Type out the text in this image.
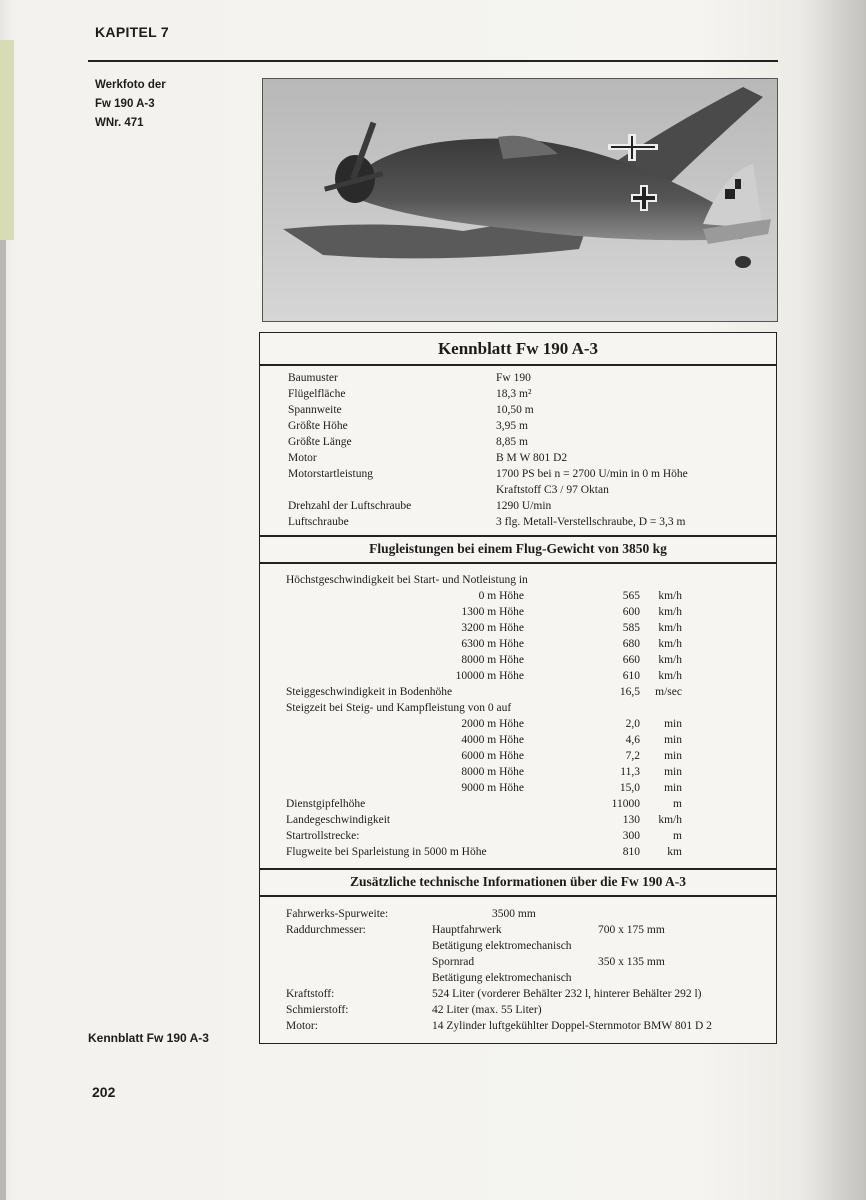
KAPITEL 7
Werkfoto der
Fw 190 A-3
WNr. 471
Kennblatt Fw 190 A-3
Baumuster	Fw 190
Flügelfläche	18,3 m²
Spannweite	10,50 m
Größte Höhe	3,95 m
Größte Länge	8,85 m
Motor	B M W 801 D2
Motorstartleistung	1700 PS bei n = 2700 U/min in 0 m Höhe
Kraftstoff C3 / 97 Oktan
Drehzahl der Luftschraube	1290 U/min
Luftschraube	3 flg. Metall-Verstellschraube, D = 3,3 m
Flugleistungen bei einem Flug-Gewicht von 3850 kg
Höchstgeschwindigkeit bei Start- und Notleistung in
0 m Höhe	565 km/h
1300 m Höhe	600 km/h
3200 m Höhe	585 km/h
6300 m Höhe	680 km/h
8000 m Höhe	660 km/h
10000 m Höhe	610 km/h
Steiggeschwindigkeit in Bodenhöhe	16,5 m/sec
Steigzeit bei Steig- und Kampfleistung von 0 auf
2000 m Höhe	2,0 min
4000 m Höhe	4,6 min
6000 m Höhe	7,2 min
8000 m Höhe	11,3 min
9000 m Höhe	15,0 min
Dienstgipfelhöhe	11000	m
Landegeschwindigkeit	130 km/h
Startrollstrecke:	300	m
Flugweite bei Sparleistung in 5000 m Höhe	810 km
Zusätzliche technische Informationen über die Fw 190 A-3
Fahrwerks-Spurweite:	3500 mm
Raddurchmesser:	Hauptfahrwerk	700 x 175 mm
Betätigung elektromechanisch
Spornrad	350 x 135 mm
Betätigung elektromechanisch
Kraftstoff:	524 Liter (vorderer Behälter 232 l, hinterer Behälter 292 l)
Schmierstoff:	42 Liter (max. 55 Liter)
Motor:	14 Zylinder luftgekühlter Doppel-Sternmotor BMW 801 D 2
Kennblatt Fw 190 A-3
202
